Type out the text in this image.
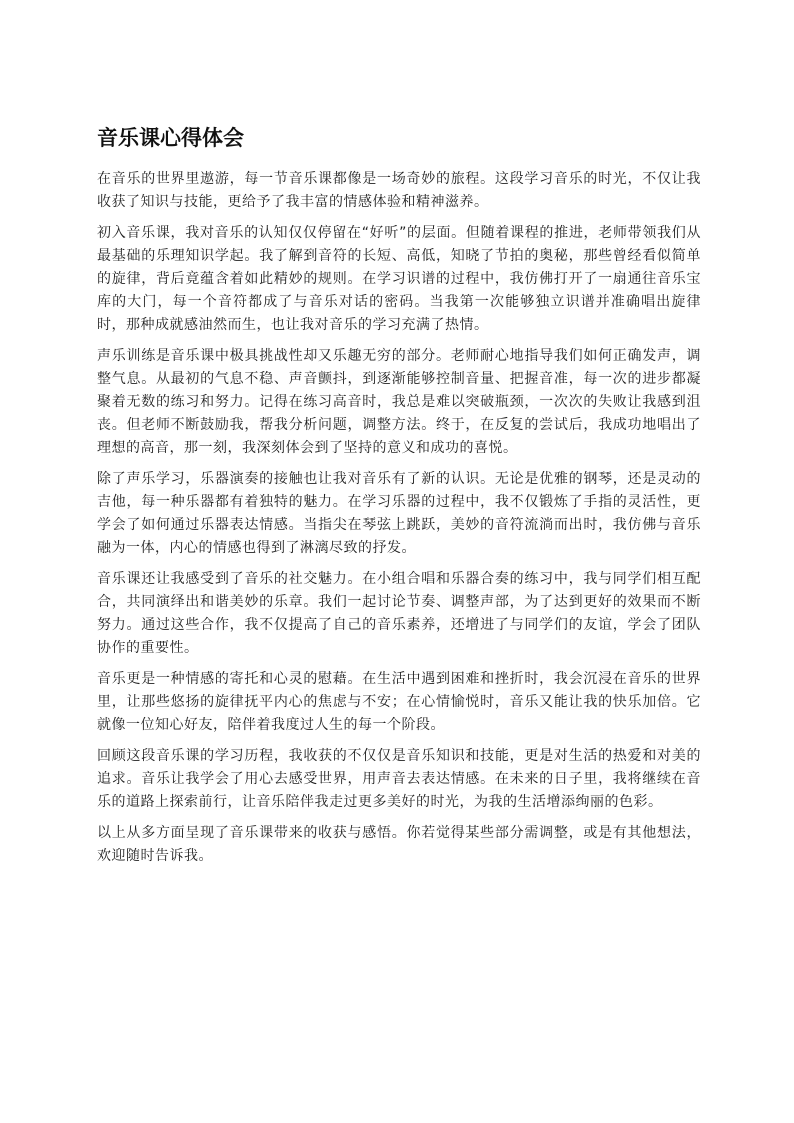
音乐课心得体会

在音乐的世界里遨游，每一节音乐课都像是一场奇妙的旅程。这段学习音乐的时光，不仅让我收获了知识与技能，更给予了我丰富的情感体验和精神滋养。

初入音乐课，我对音乐的认知仅仅停留在“好听”的层面。但随着课程的推进，老师带领我们从最基础的乐理知识学起。我了解到音符的长短、高低，知晓了节拍的奥秘，那些曾经看似简单的旋律，背后竟蕴含着如此精妙的规则。在学习识谱的过程中，我仿佛打开了一扇通往音乐宝库的大门，每一个音符都成了与音乐对话的密码。当我第一次能够独立识谱并准确唱出旋律时，那种成就感油然而生，也让我对音乐的学习充满了热情。

声乐训练是音乐课中极具挑战性却又乐趣无穷的部分。老师耐心地指导我们如何正确发声，调整气息。从最初的气息不稳、声音颤抖，到逐渐能够控制音量、把握音准，每一次的进步都凝聚着无数的练习和努力。记得在练习高音时，我总是难以突破瓶颈，一次次的失败让我感到沮丧。但老师不断鼓励我，帮我分析问题，调整方法。终于，在反复的尝试后，我成功地唱出了理想的高音，那一刻，我深刻体会到了坚持的意义和成功的喜悦。

除了声乐学习，乐器演奏的接触也让我对音乐有了新的认识。无论是优雅的钢琴，还是灵动的吉他，每一种乐器都有着独特的魅力。在学习乐器的过程中，我不仅锻炼了手指的灵活性，更学会了如何通过乐器表达情感。当指尖在琴弦上跳跃，美妙的音符流淌而出时，我仿佛与音乐融为一体，内心的情感也得到了淋漓尽致的抒发。

音乐课还让我感受到了音乐的社交魅力。在小组合唱和乐器合奏的练习中，我与同学们相互配合，共同演绎出和谐美妙的乐章。我们一起讨论节奏、调整声部，为了达到更好的效果而不断努力。通过这些合作，我不仅提高了自己的音乐素养，还增进了与同学们的友谊，学会了团队协作的重要性。

音乐更是一种情感的寄托和心灵的慰藉。在生活中遇到困难和挫折时，我会沉浸在音乐的世界里，让那些悠扬的旋律抚平内心的焦虑与不安；在心情愉悦时，音乐又能让我的快乐加倍。它就像一位知心好友，陪伴着我度过人生的每一个阶段。

回顾这段音乐课的学习历程，我收获的不仅仅是音乐知识和技能，更是对生活的热爱和对美的追求。音乐让我学会了用心去感受世界，用声音去表达情感。在未来的日子里，我将继续在音乐的道路上探索前行，让音乐陪伴我走过更多美好的时光，为我的生活增添绚丽的色彩。

以上从多方面呈现了音乐课带来的收获与感悟。你若觉得某些部分需调整，或是有其他想法，欢迎随时告诉我。
